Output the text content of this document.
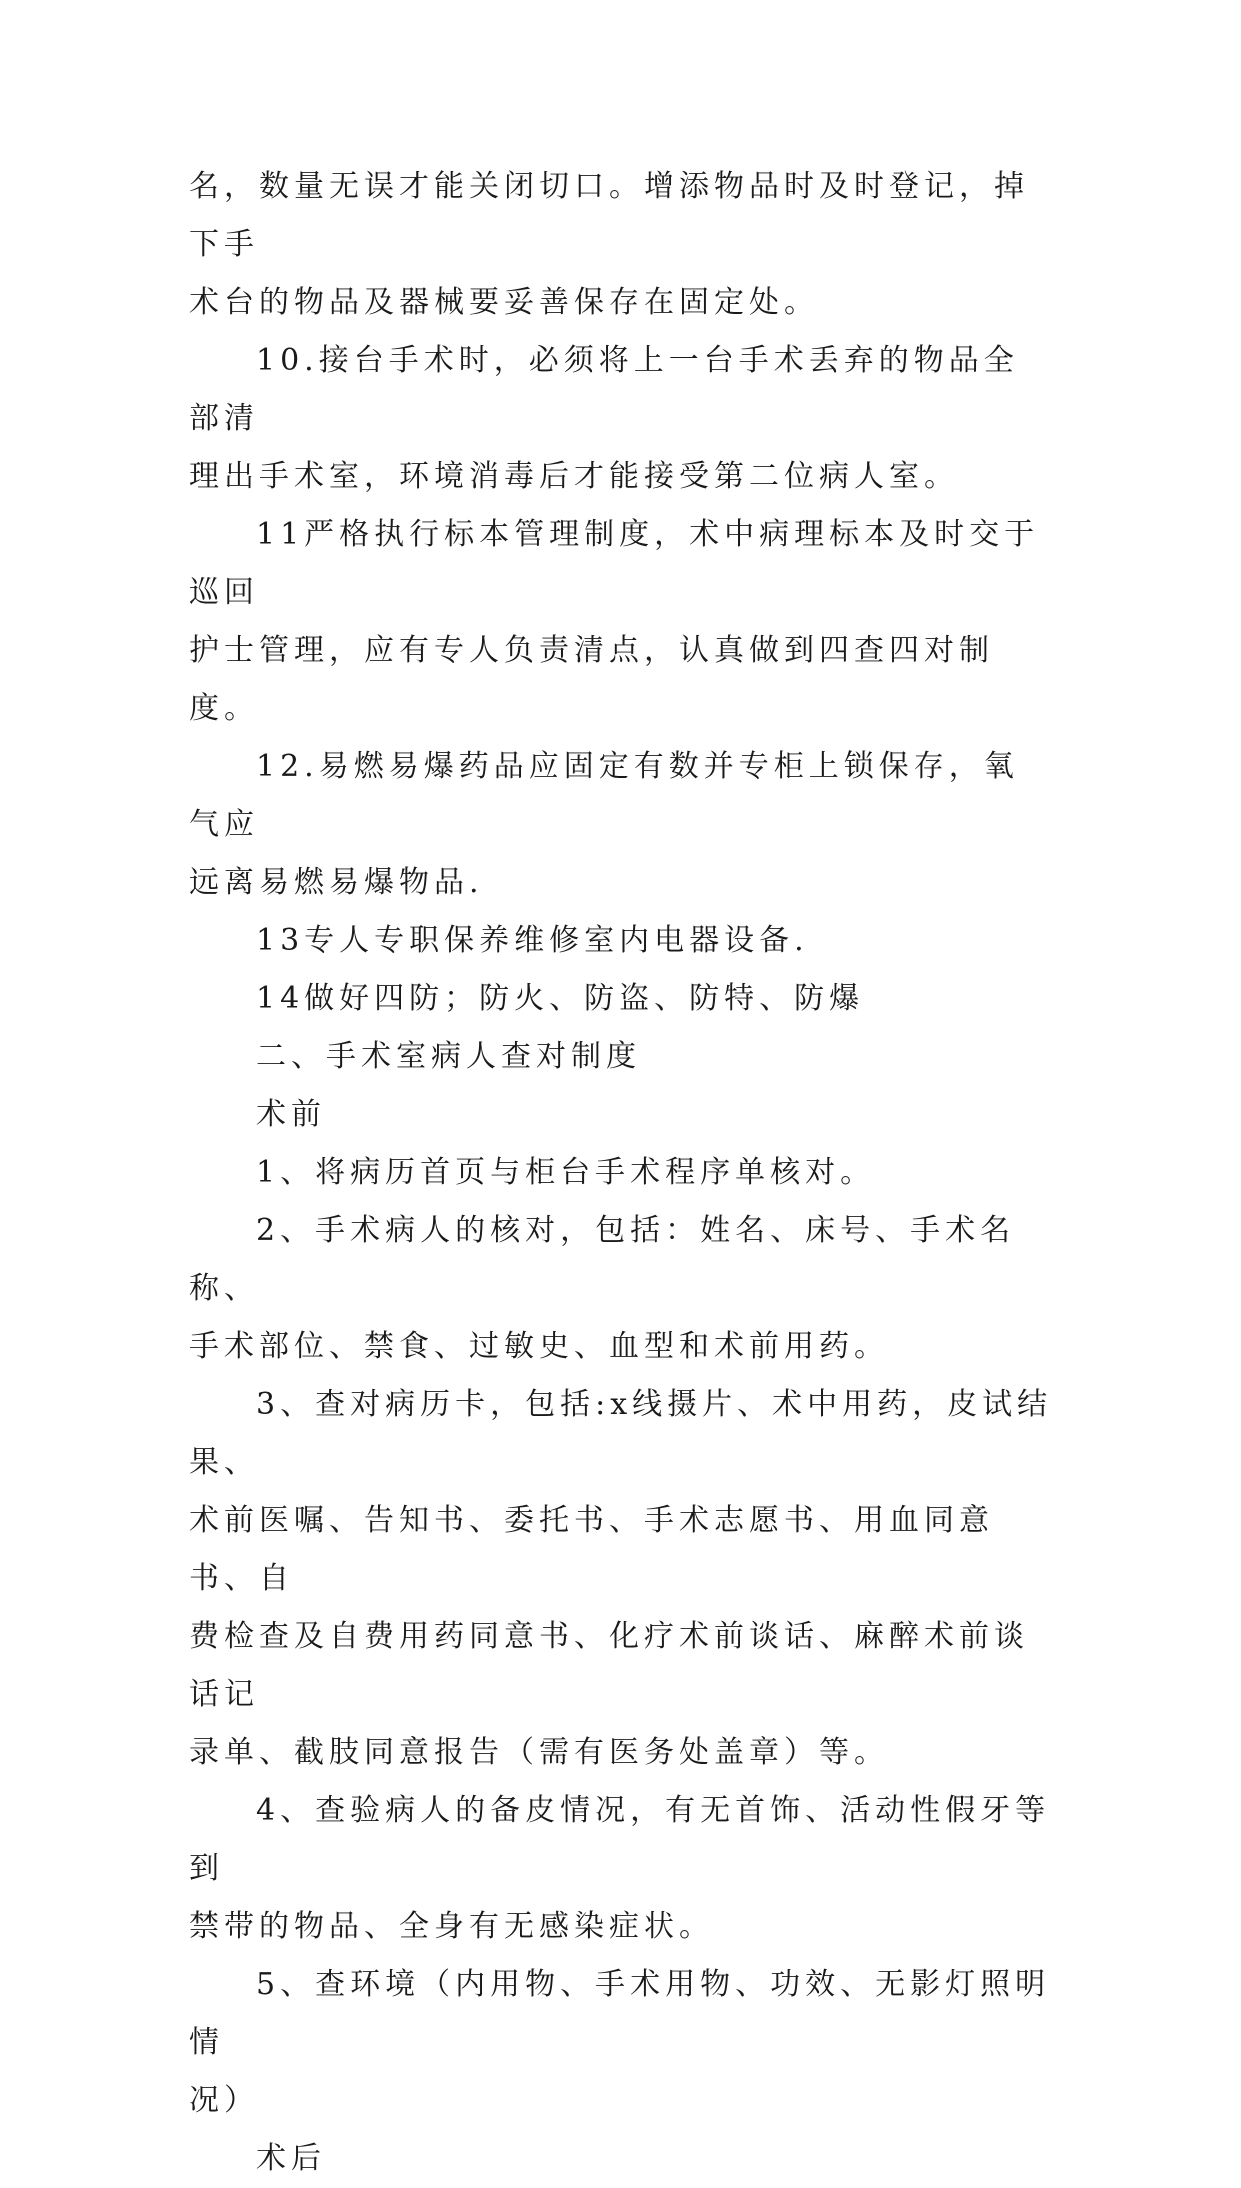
名，数量无误才能关闭切口。增添物品时及时登记，掉下手
术台的物品及器械要妥善保存在固定处。

10.接台手术时，必须将上一台手术丢弃的物品全部清
理出手术室，环境消毒后才能接受第二位病人室。

11严格执行标本管理制度，术中病理标本及时交于巡回
护士管理，应有专人负责清点，认真做到四查四对制度。

12.易燃易爆药品应固定有数并专柜上锁保存，氧气应
远离易燃易爆物品.

13专人专职保养维修室内电器设备.

14做好四防；防火、防盗、防特、防爆

二、手术室病人查对制度

术前

1、将病历首页与柜台手术程序单核对。

2、手术病人的核对，包括：姓名、床号、手术名称、
手术部位、禁食、过敏史、血型和术前用药。

3、查对病历卡，包括:x线摄片、术中用药，皮试结果、
术前医嘱、告知书、委托书、手术志愿书、用血同意书、自
费检查及自费用药同意书、化疗术前谈话、麻醉术前谈话记
录单、截肢同意报告（需有医务处盖章）等。

4、查验病人的备皮情况，有无首饰、活动性假牙等到
禁带的物品、全身有无感染症状。

5、查环境（内用物、手术用物、功效、无影灯照明情
况）

术后
